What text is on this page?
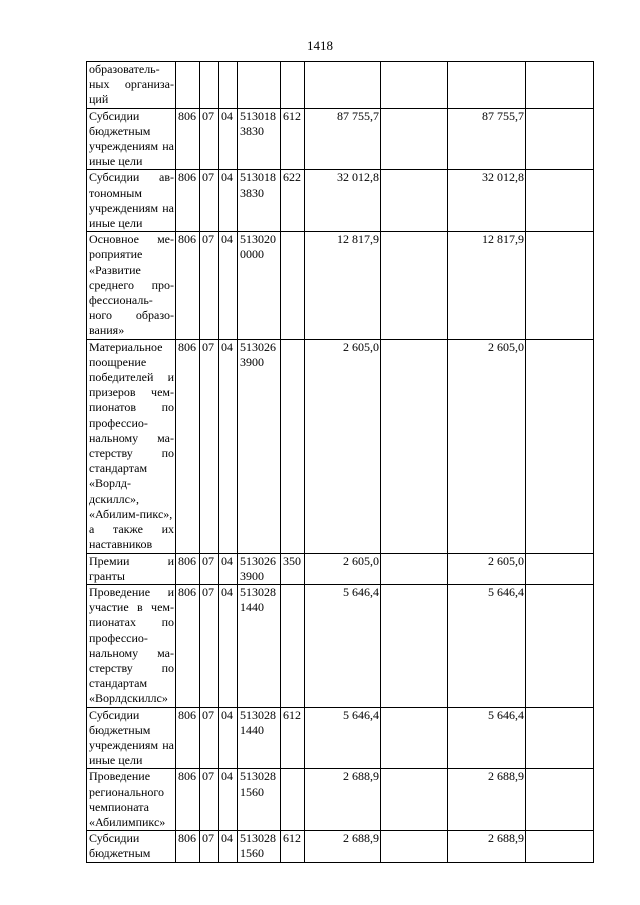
1418
образователь-ных организа-ций									
Субсидии бюджетным учреждениям на иные цели	806	07	04	5130183830	612	87 755,7		87 755,7	
Субсидии ав-тономным учреждениям на иные цели	806	07	04	5130183830	622	32 012,8		32 012,8	
Основное ме-роприятие «Развитие среднего про-фессиональ-ного образо-вания»	806	07	04	5130200000		12 817,9		12 817,9	
Материальное поощрение победителей и призеров чем-пионатов по профессио-нальному ма-стерству по стандартам «Ворлд-дскиллс», «Абилим-пикс», а также их наставников	806	07	04	5130263900		2 605,0		2 605,0	
Премии и гранты	806	07	04	5130263900	350	2 605,0		2 605,0	
Проведение и участие в чем-пионатах по профессио-нальному ма-стерству по стандартам «Ворлдскиллс»	806	07	04	5130281440		5 646,4		5 646,4	
Субсидии бюджетным учреждениям на иные цели	806	07	04	5130281440	612	5 646,4		5 646,4	
Проведение регионального чемпионата «Абилимпикс»	806	07	04	5130281560		2 688,9		2 688,9	
Субсидии бюджетным	806	07	04	5130281560	612	2 688,9		2 688,9	
